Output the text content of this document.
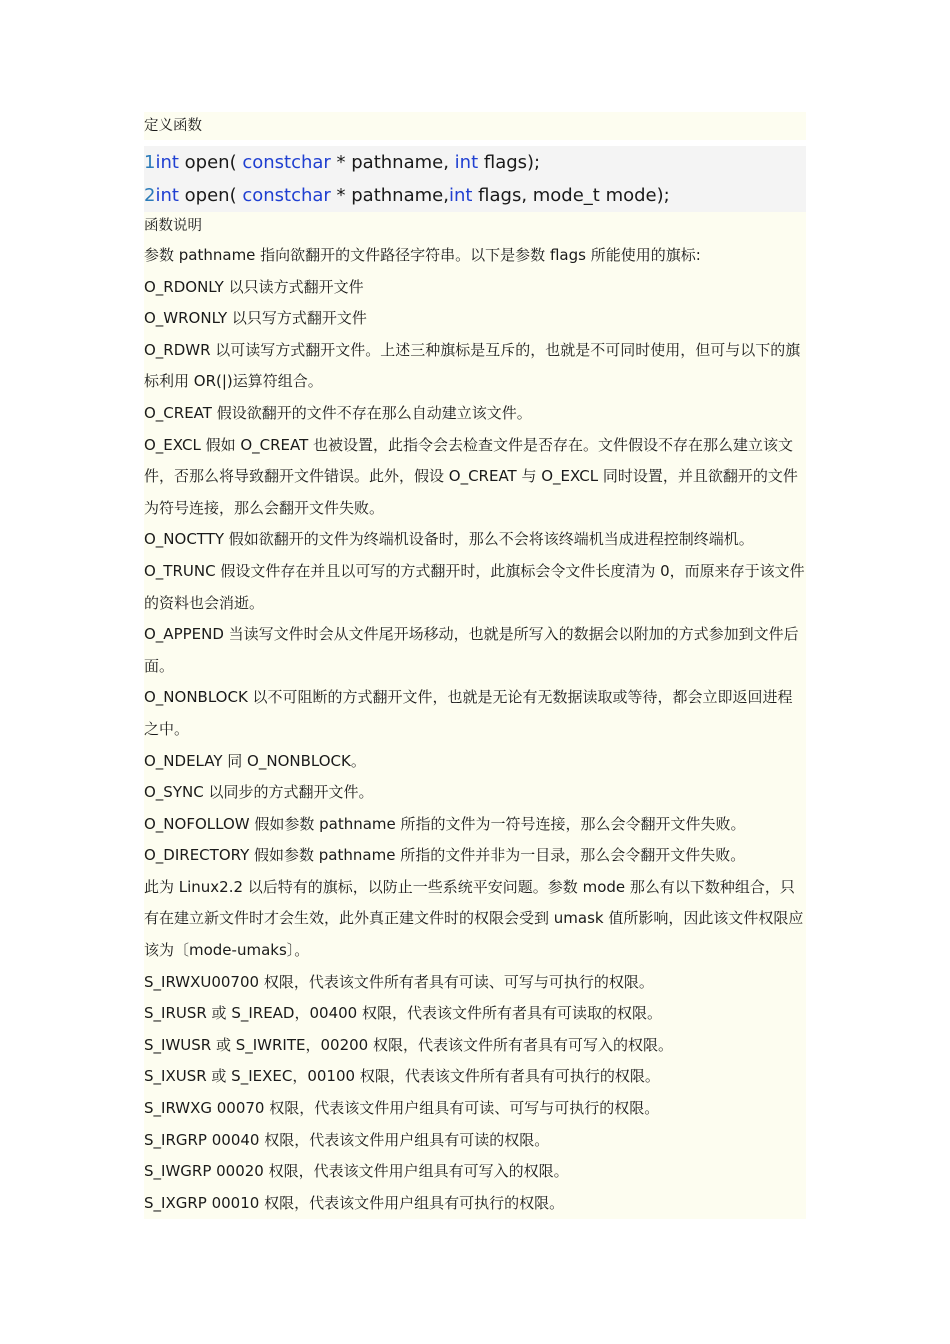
定义函数
1int open( constchar * pathname, int flags);
2int open( constchar * pathname,int flags, mode_t mode);
函数说明

参数 pathname 指向欲翻开的文件路径字符串。以下是参数 flags 所能使用的旗标:

O_RDONLY 以只读方式翻开文件

O_WRONLY 以只写方式翻开文件

O_RDWR 以可读写方式翻开文件。上述三种旗标是互斥的，也就是不可同时使用，但可与以下的旗标利用 OR(|)运算符组合。

O_CREAT 假设欲翻开的文件不存在那么自动建立该文件。

O_EXCL 假如 O_CREAT 也被设置，此指令会去检查文件是否存在。文件假设不存在那么建立该文件，否那么将导致翻开文件错误。此外，假设 O_CREAT 与 O_EXCL 同时设置，并且欲翻开的文件为符号连接，那么会翻开文件失败。

O_NOCTTY 假如欲翻开的文件为终端机设备时，那么不会将该终端机当成进程控制终端机。

O_TRUNC 假设文件存在并且以可写的方式翻开时，此旗标会令文件长度清为 0，而原来存于该文件的资料也会消逝。

O_APPEND 当读写文件时会从文件尾开场移动，也就是所写入的数据会以附加的方式参加到文件后面。

O_NONBLOCK 以不可阻断的方式翻开文件，也就是无论有无数据读取或等待，都会立即返回进程之中。

O_NDELAY 同 O_NONBLOCK。

O_SYNC 以同步的方式翻开文件。

O_NOFOLLOW 假如参数 pathname 所指的文件为一符号连接，那么会令翻开文件失败。

O_DIRECTORY 假如参数 pathname 所指的文件并非为一目录，那么会令翻开文件失败。

此为 Linux2.2 以后特有的旗标，以防止一些系统平安问题。参数 mode 那么有以下数种组合，只有在建立新文件时才会生效，此外真正建文件时的权限会受到 umask 值所影响，因此该文件权限应该为〔mode-umaks〕。

S_IRWXU00700 权限，代表该文件所有者具有可读、可写与可执行的权限。

S_IRUSR 或 S_IREAD，00400 权限，代表该文件所有者具有可读取的权限。

S_IWUSR 或 S_IWRITE，00200 权限，代表该文件所有者具有可写入的权限。

S_IXUSR 或 S_IEXEC，00100 权限，代表该文件所有者具有可执行的权限。

S_IRWXG 00070 权限，代表该文件用户组具有可读、可写与可执行的权限。

S_IRGRP 00040 权限，代表该文件用户组具有可读的权限。

S_IWGRP 00020 权限，代表该文件用户组具有可写入的权限。

S_IXGRP 00010 权限，代表该文件用户组具有可执行的权限。
